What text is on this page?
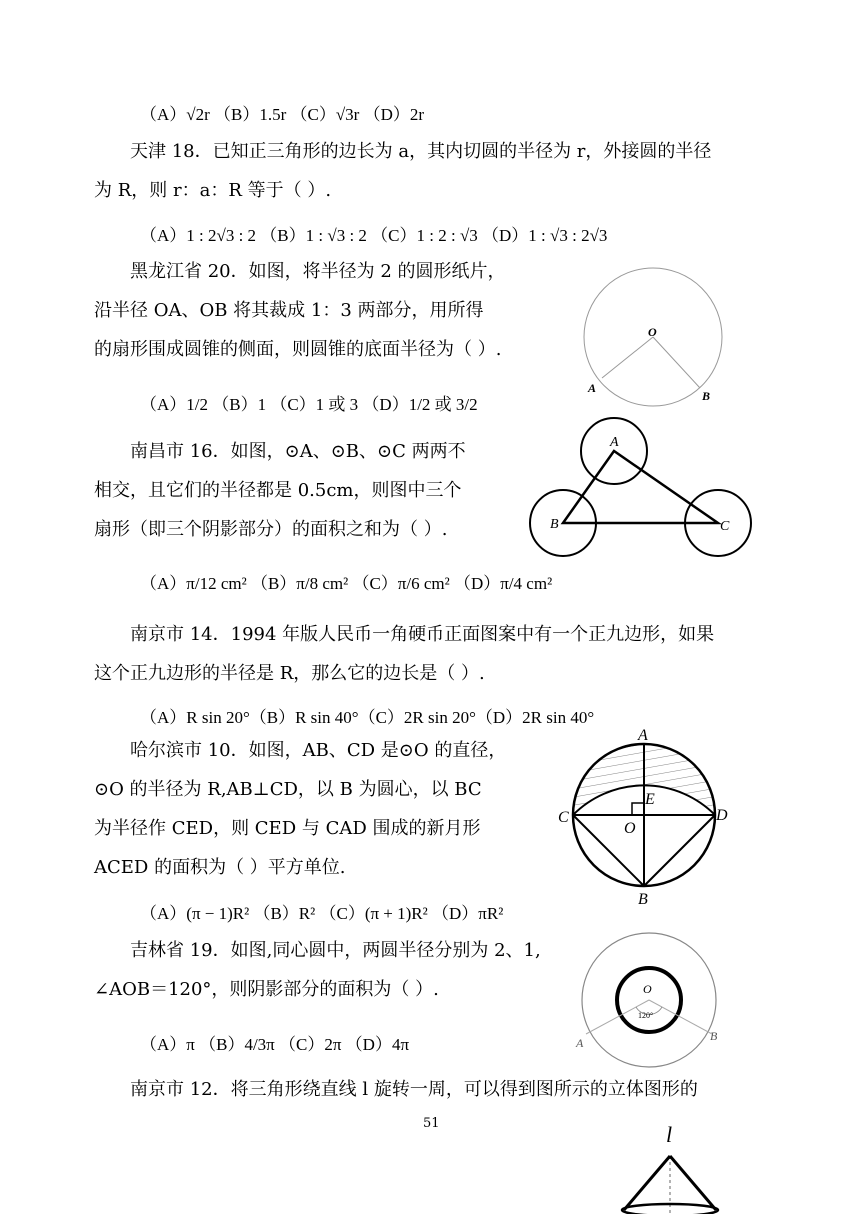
（A）√2r （B）1.5r （C）√3r （D）2r
天津 18．已知正三角形的边长为 a，其内切圆的半径为 r，外接圆的半径
为 R，则 r：a：R 等于（ ）.
（A）1 : 2√3 : 2 （B）1 : √3 : 2 （C）1 : 2 : √3 （D）1 : √3 : 2√3
黑龙江省 20．如图，将半径为 2 的圆形纸片，
沿半径 OA、OB 将其裁成 1：3 两部分，用所得
的扇形围成圆锥的侧面，则圆锥的底面半径为（ ）.
（A）1/2 （B）1 （C）1 或 3 （D）1/2 或 3/2
南昌市 16．如图，⊙A、⊙B、⊙C 两两不
相交，且它们的半径都是 0.5cm，则图中三个
扇形（即三个阴影部分）的面积之和为（ ）.
（A）π/12 cm² （B）π/8 cm² （C）π/6 cm² （D）π/4 cm²
南京市 14．1994 年版人民币一角硬币正面图案中有一个正九边形，如果
这个正九边形的半径是 R，那么它的边长是（ ）.
（A）R sin 20°（B）R sin 40°（C）2R sin 20°（D）2R sin 40°
哈尔滨市 10．如图，AB、CD 是⊙O 的直径，
⊙O 的半径为 R,AB⊥CD，以 B 为圆心，以 BC
为半径作 CED，则 CED 与 CAD 围成的新月形
ACED 的面积为（ ）平方单位.
（A）(π − 1)R² （B）R² （C）(π + 1)R² （D）πR²
吉林省 19．如图,同心圆中，两圆半径分别为 2、1,
∠AOB＝120°，则阴影部分的面积为（ ）.
（A）π （B）4/3π （C）2π （D）4π
南京市 12．将三角形绕直线 l 旋转一周，可以得到图所示的立体图形的
51
O
A
B
A
B	C
A
C	D
E
O
B
O
120°
A	B
l
